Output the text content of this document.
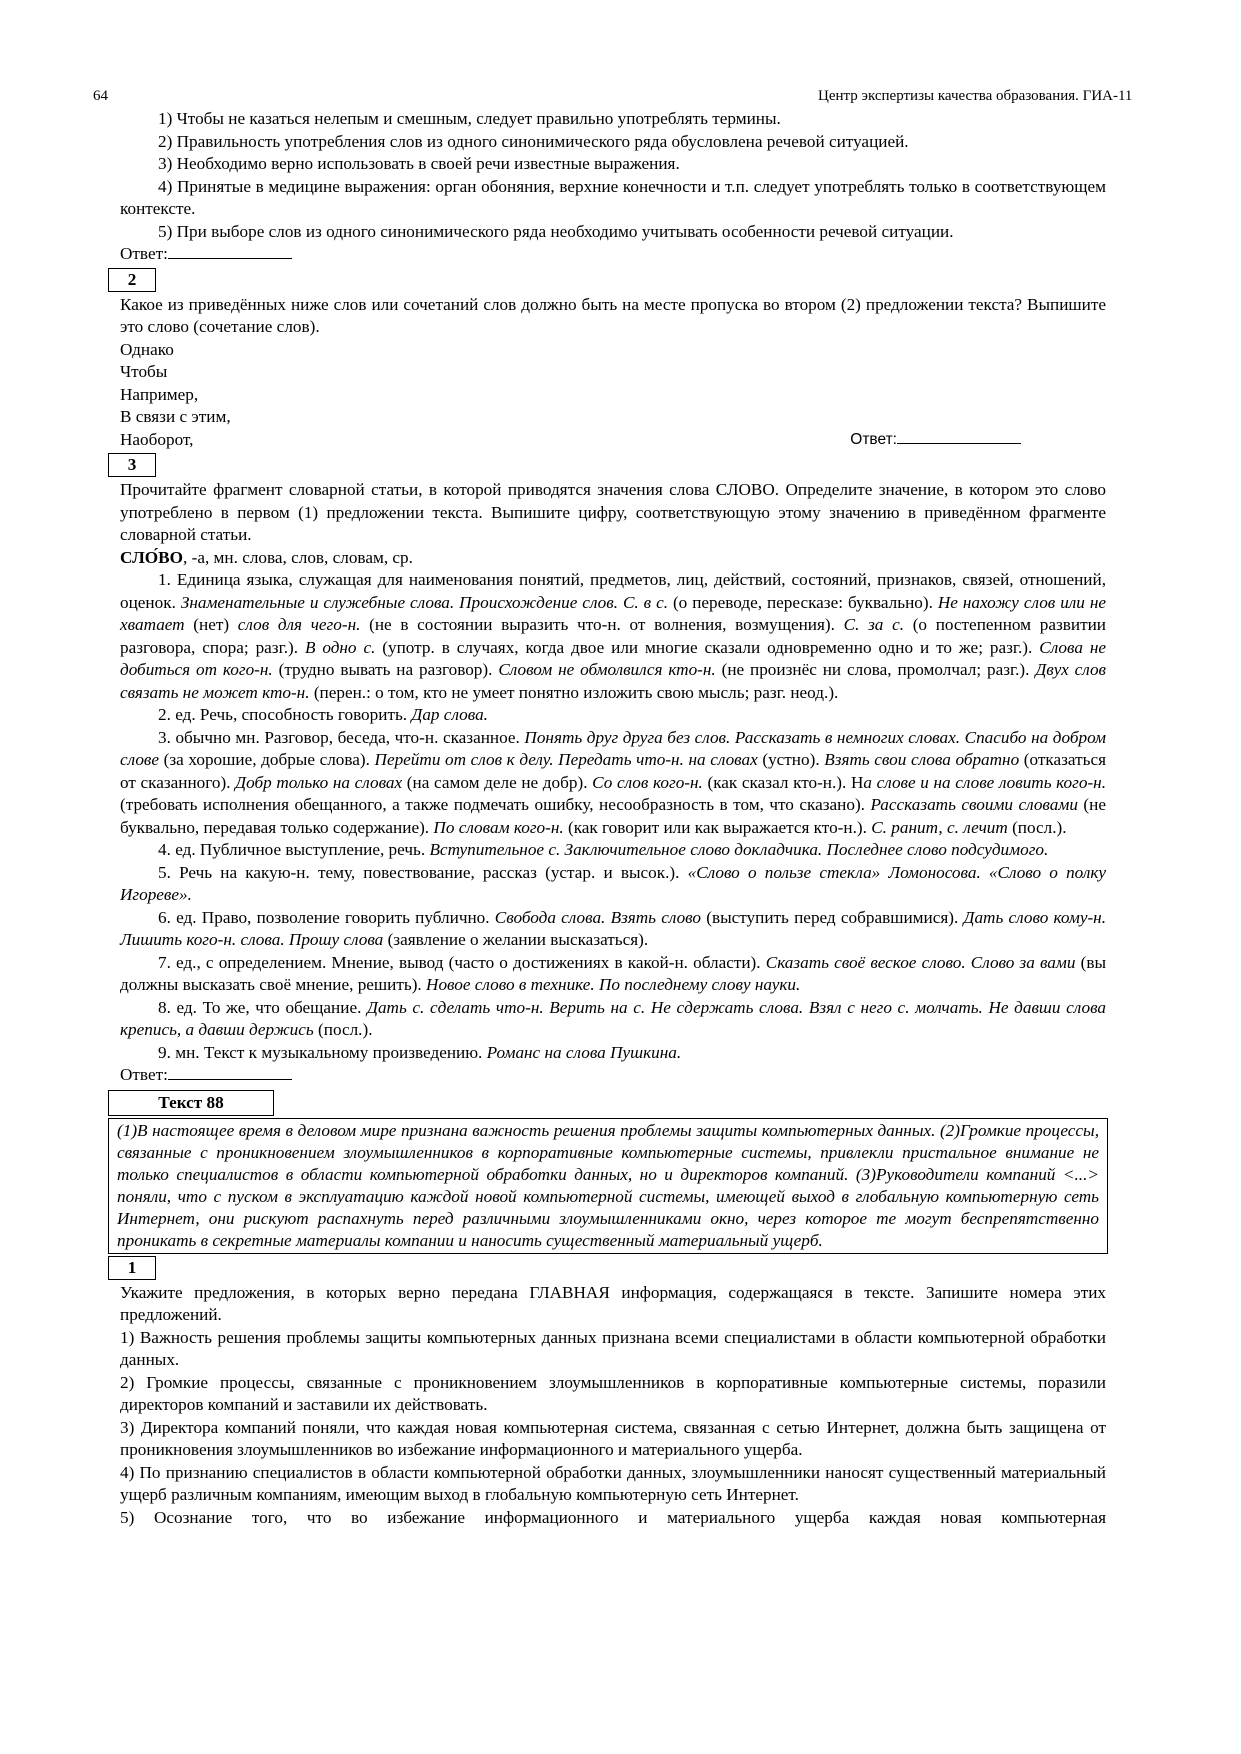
64	Центр экспертизы качества образования. ГИА-11

1) Чтобы не казаться нелепым и смешным, следует правильно употреблять термины.

2) Правильность употребления слов из одного синонимического ряда обусловлена речевой ситуацией.

3) Необходимо верно использовать в своей речи известные выражения.

4) Принятые в медицине выражения: орган обоняния, верхние конечности и т.п. следует употреблять только в соответствующем контексте.

5) При выборе слов из одного синонимического ряда необходимо учитывать особенности речевой ситуации.

Ответ:

2

Какое из приведённых ниже слов или сочетаний слов должно быть на месте пропуска во втором (2) предложении текста? Выпишите это слово (сочетание слов).

Однако

Чтобы

Например,

В связи с этим,

Наоборот,	Ответ:
3

Прочитайте фрагмент словарной статьи, в которой приводятся значения слова СЛОВО. Определите значение, в котором это слово употреблено в первом (1) предложении текста. Выпишите цифру, соответствующую этому значению в приведённом фрагменте словарной статьи.

СЛО́ВО, -а, мн. слова, слов, словам, ср.

1. Единица языка, служащая для наименования понятий, предметов, лиц, действий, состояний, признаков, связей, отношений, оценок. Знаменательные и служебные слова. Происхождение слов. С. в с. (о переводе, пересказе: буквально). Не нахожу слов или не хватает (нет) слов для чего-н. (не в состоянии выразить что-н. от волнения, возмущения). С. за с. (о постепенном развитии разговора, спора; разг.). В одно с. (употр. в случаях, когда двое или многие сказали одновременно одно и то же; разг.). Слова не добиться от кого-н. (трудно вывать на разговор). Словом не обмолвился кто-н. (не произнёс ни слова, промолчал; разг.). Двух слов связать не может кто-н. (перен.: о том, кто не умеет понятно изложить свою мысль; разг. неод.).

2. ед. Речь, способность говорить. Дар слова.

3. обычно мн. Разговор, беседа, что-н. сказанное. Понять друг друга без слов. Рассказать в немногих словах. Спасибо на добром слове (за хорошие, добрые слова). Перейти от слов к делу. Передать что-н. на словах (устно). Взять свои слова обратно (отказаться от сказанного). Добр только на словах (на самом деле не добр). Со слов кого-н. (как сказал кто-н.). На слове и на слове ловить кого-н. (требовать исполнения обещанного, а также подмечать ошибку, несообразность в том, что сказано). Рассказать своими словами (не буквально, передавая только содержание). По словам кого-н. (как говорит или как выражается кто-н.). С. ранит, с. лечит (посл.).

4. ед. Публичное выступление, речь. Вступительное с. Заключительное слово докладчика. Последнее слово подсудимого.

5. Речь на какую-н. тему, повествование, рассказ (устар. и высок.). «Слово о пользе стекла» Ломоносова. «Слово о полку Игореве».

6. ед. Право, позволение говорить публично. Свобода слова. Взять слово (выступить перед собравшимися). Дать слово кому-н. Лишить кого-н. слова. Прошу слова (заявление о желании высказаться).

7. ед., с определением. Мнение, вывод (часто о достижениях в какой-н. области). Сказать своё веское слово. Слово за вами (вы должны высказать своё мнение, решить). Новое слово в технике. По последнему слову науки.

8. ед. То же, что обещание. Дать с. сделать что-н. Верить на с. Не сдержать слова. Взял с него с. молчать. Не давши слова крепись, а давши держись (посл.).

9. мн. Текст к музыкальному произведению. Романс на слова Пушкина.

Ответ:

Текст 88

(1)В настоящее время в деловом мире признана важность решения проблемы защиты компьютерных данных. (2)Громкие процессы, связанные с проникновением злоумышленников в корпоративные компьютерные системы, привлекли пристальное внимание не только специалистов в области компьютерной обработки данных, но и директоров компаний. (3)Руководители компаний <...> поняли, что с пуском в эксплуатацию каждой новой компьютерной системы, имеющей выход в глобальную компьютерную сеть Интернет, они рискуют распахнуть перед различными злоумышленниками окно, через которое те могут беспрепятственно проникать в секретные материалы компании и наносить существенный материальный ущерб.

1

Укажите предложения, в которых верно передана ГЛАВНАЯ информация, содержащаяся в тексте. Запишите номера этих предложений.

1) Важность решения проблемы защиты компьютерных данных признана всеми специалистами в области компьютерной обработки данных.

2) Громкие процессы, связанные с проникновением злоумышленников в корпоративные компьютерные системы, поразили директоров компаний и заставили их действовать.

3) Директора компаний поняли, что каждая новая компьютерная система, связанная с сетью Интернет, должна быть защищена от проникновения злоумышленников во избежание информационного и материального ущерба.

4) По признанию специалистов в области компьютерной обработки данных, злоумышленники наносят существенный материальный ущерб различным компаниям, имеющим выход в глобальную компьютерную сеть Интернет.

5) Осознание того, что во избежание информационного и материального ущерба каждая новая компьютерная
